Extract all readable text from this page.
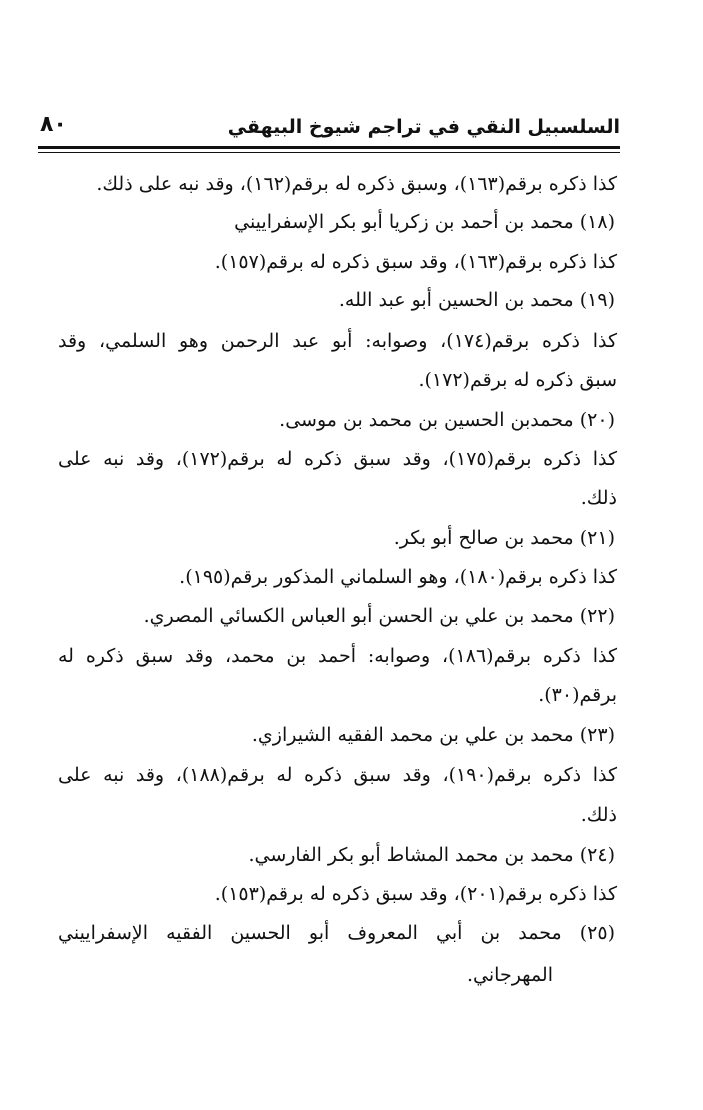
السلسبيل النقي في تراجم شيوخ البيهقي
٨٠
كذا ذكره برقم(١٦٣)، وسبق ذكره له برقم(١٦٢)، وقد نبه على ذلك.
(١٨) محمد بن أحمد بن زكريا أبو بكر الإسفراييني
كذا ذكره برقم(١٦٣)، وقد سبق ذكره له برقم(١٥٧).
(١٩) محمد بن الحسين أبو عبد الله.
كذا ذكره برقم(١٧٤)، وصوابه: أبو عبد الرحمن وهو السلمي، وقد
سبق ذكره له برقم(١٧٢).
(٢٠) محمدبن الحسين بن محمد بن موسى.
كذا ذكره برقم(١٧٥)، وقد سبق ذكره له برقم(١٧٢)، وقد نبه على
ذلك.
(٢١) محمد بن صالح أبو بكر.
كذا ذكره برقم(١٨٠)، وهو السلماني المذكور برقم(١٩٥).
(٢٢) محمد بن علي بن الحسن أبو العباس الكسائي المصري.
كذا ذكره برقم(١٨٦)، وصوابه: أحمد بن محمد، وقد سبق ذكره له
برقم(٣٠).
(٢٣) محمد بن علي بن محمد الفقيه الشيرازي.
كذا ذكره برقم(١٩٠)، وقد سبق ذكره له برقم(١٨٨)، وقد نبه على
ذلك.
(٢٤) محمد بن محمد المشاط أبو بكر الفارسي.
كذا ذكره برقم(٢٠١)، وقد سبق ذكره له برقم(١٥٣).
(٢٥) محمد بن أبي المعروف أبو الحسين الفقيه الإسفراييني
المهرجاني.
